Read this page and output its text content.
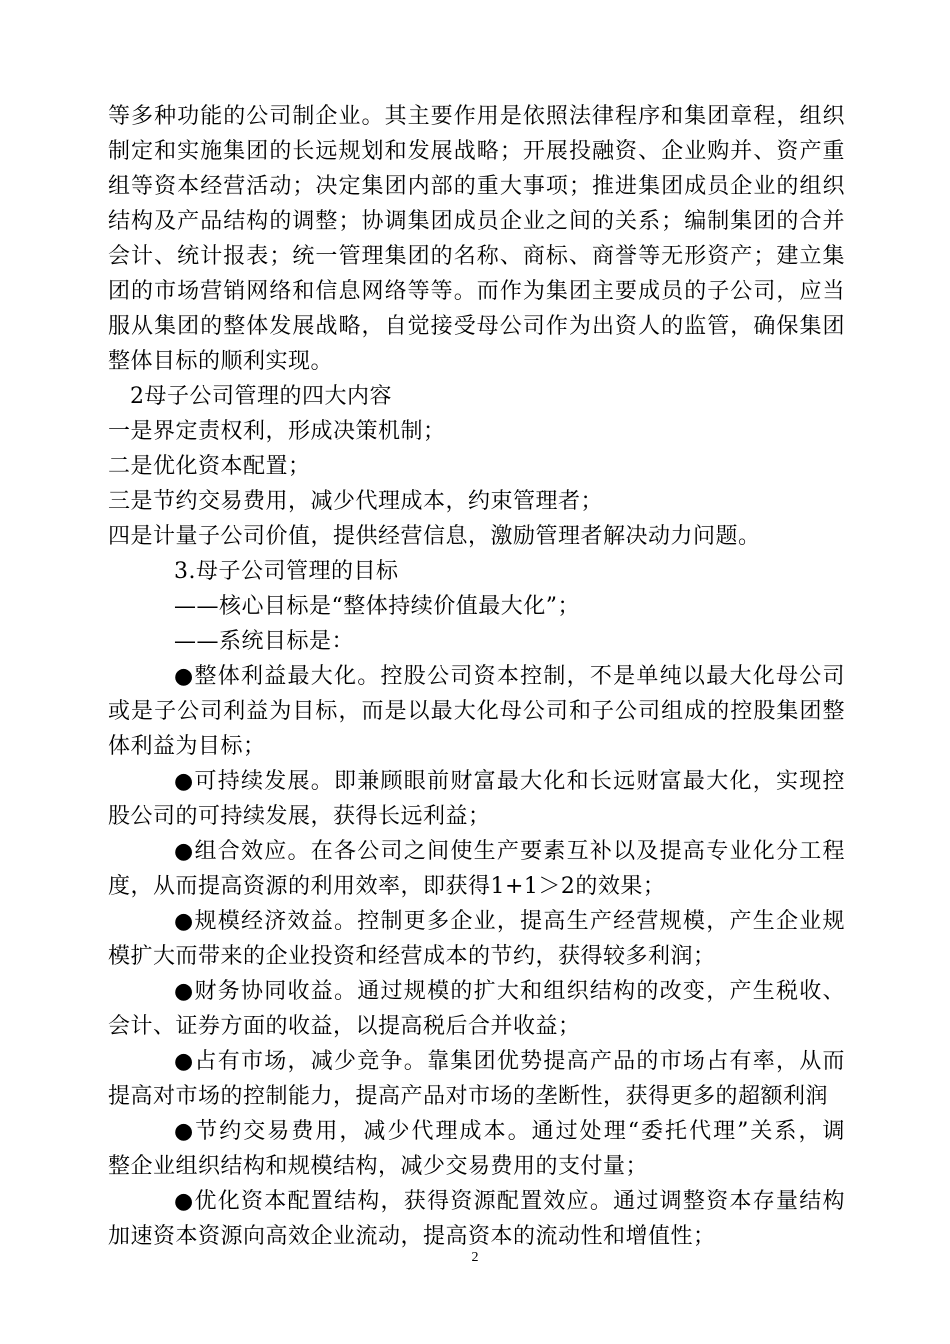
等多种功能的公司制企业。其主要作用是依照法律程序和集团章程，组织
制定和实施集团的长远规划和发展战略；开展投融资、企业购并、资产重
组等资本经营活动；决定集团内部的重大事项；推进集团成员企业的组织
结构及产品结构的调整；协调集团成员企业之间的关系；编制集团的合并
会计、统计报表；统一管理集团的名称、商标、商誉等无形资产；建立集
团的市场营销网络和信息网络等等。而作为集团主要成员的子公司，应当
服从集团的整体发展战略，自觉接受母公司作为出资人的监管，确保集团
整体目标的顺利实现。
2母子公司管理的四大内容
一是界定责权利，形成决策机制；
二是优化资本配置；
三是节约交易费用，减少代理成本，约束管理者；
四是计量子公司价值，提供经营信息，激励管理者解决动力问题。
3.母子公司管理的目标
——核心目标是“整体持续价值最大化”；
——系统目标是：
●整体利益最大化。控股公司资本控制，不是单纯以最大化母公司
或是子公司利益为目标，而是以最大化母公司和子公司组成的控股集团整
体利益为目标；
●可持续发展。即兼顾眼前财富最大化和长远财富最大化，实现控
股公司的可持续发展，获得长远利益；
●组合效应。在各公司之间使生产要素互补以及提高专业化分工程
度，从而提高资源的利用效率，即获得1+1＞2的效果；
●规模经济效益。控制更多企业，提高生产经营规模，产生企业规
模扩大而带来的企业投资和经营成本的节约，获得较多利润；
●财务协同收益。通过规模的扩大和组织结构的改变，产生税收、
会计、证券方面的收益，以提高税后合并收益；
●占有市场，减少竞争。靠集团优势提高产品的市场占有率，从而
提高对市场的控制能力，提高产品对市场的垄断性，获得更多的超额利润
●节约交易费用，减少代理成本。通过处理“委托代理”关系，调
整企业组织结构和规模结构，减少交易费用的支付量；
●优化资本配置结构，获得资源配置效应。通过调整资本存量结构
加速资本资源向高效企业流动，提高资本的流动性和增值性；
2
